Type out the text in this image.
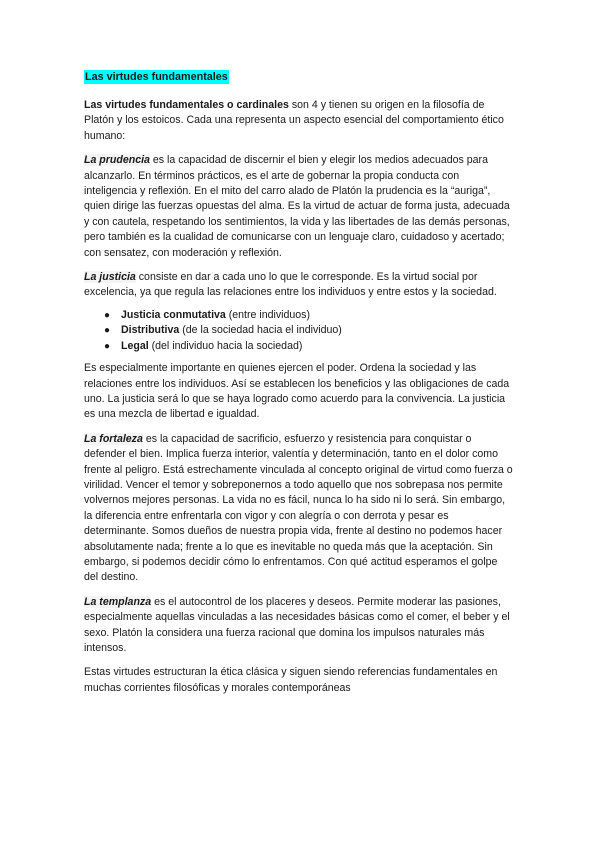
Las virtudes fundamentales

Las virtudes fundamentales o cardinales son 4 y tienen su origen en la filosofía de Platón y los estoicos. Cada una representa un aspecto esencial del comportamiento ético humano:

La prudencia es la capacidad de discernir el bien y elegir los medios adecuados para alcanzarlo. En términos prácticos, es el arte de gobernar la propia conducta con inteligencia y reflexión. En el mito del carro alado de Platón la prudencia es la “auriga”, quien dirige las fuerzas opuestas del alma. Es la virtud de actuar de forma justa, adecuada y con cautela, respetando los sentimientos, la vida y las libertades de las demás personas, pero también es la cualidad de comunicarse con un lenguaje claro, cuidadoso y acertado; con sensatez, con moderación y reflexión.

La justicia consiste en dar a cada uno lo que le corresponde. Es la virtud social por excelencia, ya que regula las relaciones entre los individuos y entre estos y la sociedad.

● Justicia conmutativa (entre individuos)
● Distributiva (de la sociedad hacia el individuo)
● Legal (del individuo hacia la sociedad)

Es especialmente importante en quienes ejercen el poder. Ordena la sociedad y las relaciones entre los individuos. Así se establecen los beneficios y las obligaciones de cada uno. La justicia será lo que se haya logrado como acuerdo para la convivencia. La justicia es una mezcla de libertad e igualdad.

La fortaleza es la capacidad de sacrificio, esfuerzo y resistencia para conquistar o defender el bien. Implica fuerza interior, valentía y determinación, tanto en el dolor como frente al peligro. Está estrechamente vinculada al concepto original de virtud como fuerza o virilidad. Vencer el temor y sobreponernos a todo aquello que nos sobrepasa nos permite volvernos mejores personas. La vida no es fácil, nunca lo ha sido ni lo será. Sin embargo, la diferencia entre enfrentarla con vigor y con alegría o con derrota y pesar es determinante. Somos dueños de nuestra propia vida, frente al destino no podemos hacer absolutamente nada; frente a lo que es inevitable no queda más que la aceptación. Sin embargo, si podemos decidir cómo lo enfrentamos. Con qué actitud esperamos el golpe del destino.

La templanza es el autocontrol de los placeres y deseos. Permite moderar las pasiones, especialmente aquellas vinculadas a las necesidades básicas como el comer, el beber y el sexo. Platón la considera una fuerza racional que domina los impulsos naturales más intensos.

Estas virtudes estructuran la ética clásica y siguen siendo referencias fundamentales en muchas corrientes filosóficas y morales contemporáneas
